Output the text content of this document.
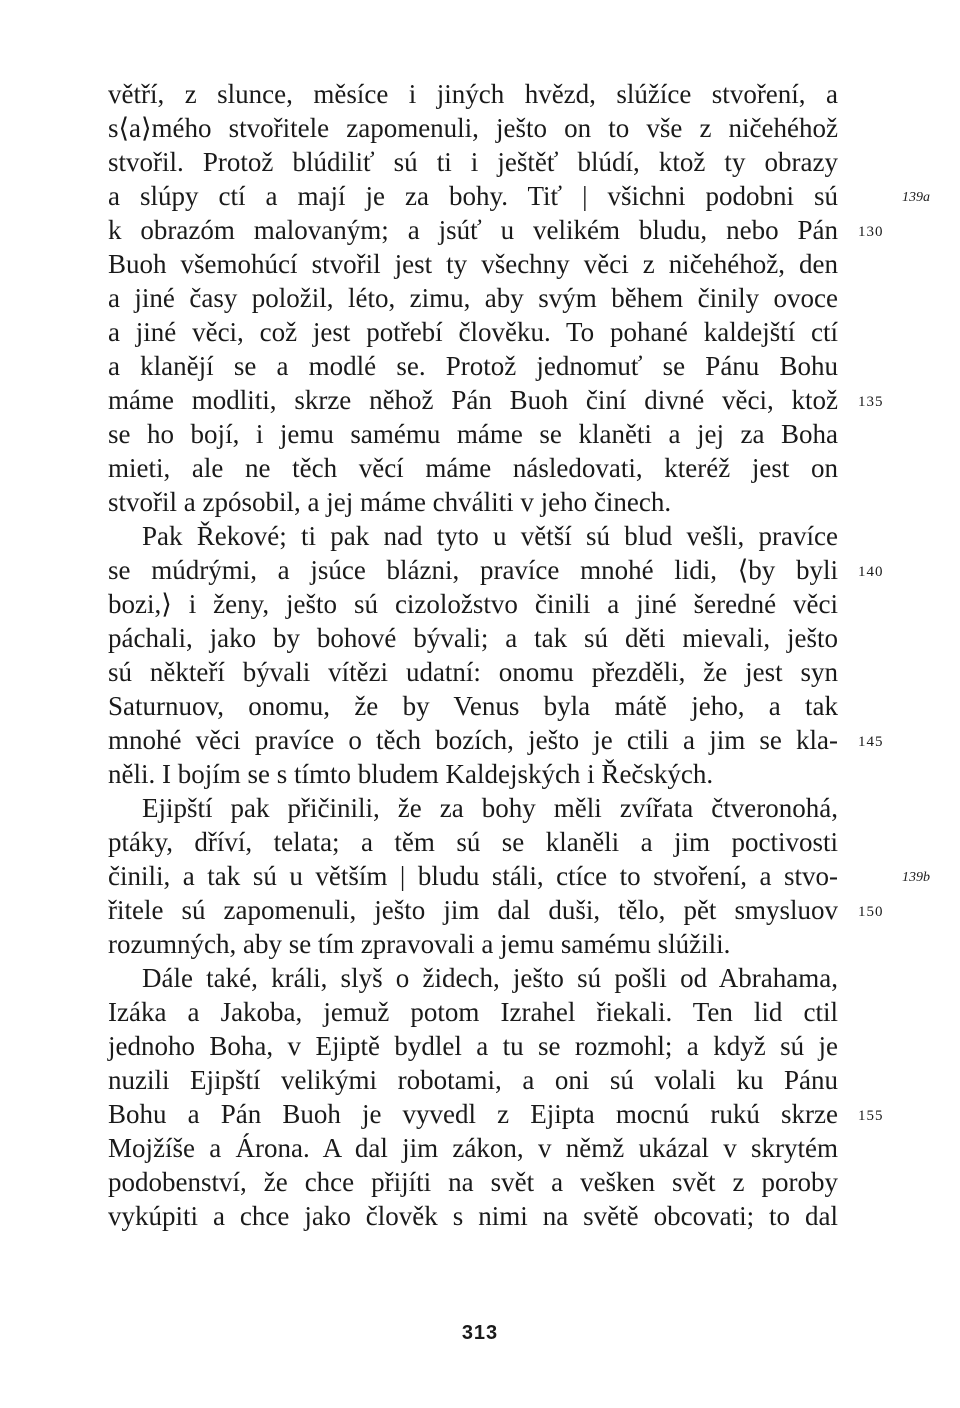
větří, z slunce, měsíce i jiných hvězd, slúžíce stvoření, a
s⟨a⟩mého stvořitele zapomenuli, ješto on to vše z ničehéhož
stvořil. Protož blúdiliť sú ti i ještěť blúdí, ktož ty obrazy
a slúpy ctí a mají je za bohy. Tiť | všichni podobni sú
k obrazóm malovaným; a jsúť u velikém bludu, nebo Pán
Buoh všemohúcí stvořil jest ty všechny věci z ničehéhož, den
a jiné časy položil, léto, zimu, aby svým během činily ovoce
a jiné věci, což jest potřebí člověku. To pohané kaldejští ctí
a klanějí se a modlé se. Protož jednomuť se Pánu Bohu
máme modliti, skrze něhož Pán Buoh činí divné věci, ktož
se ho bojí, i jemu samému máme se klaněti a jej za Boha
mieti, ale ne těch věcí máme následovati, kteréž jest on
stvořil a zpósobil, a jej máme chváliti v jeho činech.
Pak Řekové; ti pak nad tyto u větší sú blud vešli, pravíce
se múdrými, a jsúce blázni, pravíce mnohé lidi, ⟨by byli
bozi,⟩ i ženy, ješto sú cizoložstvo činili a jiné šeredné věci
páchali, jako by bohové bývali; a tak sú děti mievali, ješto
sú někteří bývali vítězi udatní: onomu přezděli, že jest syn
Saturnuov, onomu, že by Venus byla mátě jeho, a tak
mnohé věci pravíce o těch bozích, ješto je ctili a jim se kla-
něli. I bojím se s tímto bludem Kaldejských i Řečských.
Ejipští pak přičinili, že za bohy měli zvířata čtveronohá,
ptáky, dříví, telata; a těm sú se klaněli a jim poctivosti
činili, a tak sú u větším | bludu stáli, ctíce to stvoření, a stvo-
řitele sú zapomenuli, ješto jim dal duši, tělo, pět smysluov
rozumných, aby se tím zpravovali a jemu samému slúžili.
Dále také, králi, slyš o židech, ješto sú pošli od Abrahama,
Izáka a Jakoba, jemuž potom Izrahel řiekali. Ten lid ctil
jednoho Boha, v Ejiptě bydlel a tu se rozmohl; a když sú je
nuzili Ejipští velikými robotami, a oni sú volali ku Pánu
Bohu a Pán Buoh je vyvedl z Ejipta mocnú rukú skrze
Mojžíše a Árona. A dal jim zákon, v němž ukázal v skrytém
podobenství, že chce přijíti na svět a vešken svět z poroby
vykúpiti a chce jako člověk s nimi na světě obcovati; to dal
139a
130
135
140
145
139b
150
155
313
